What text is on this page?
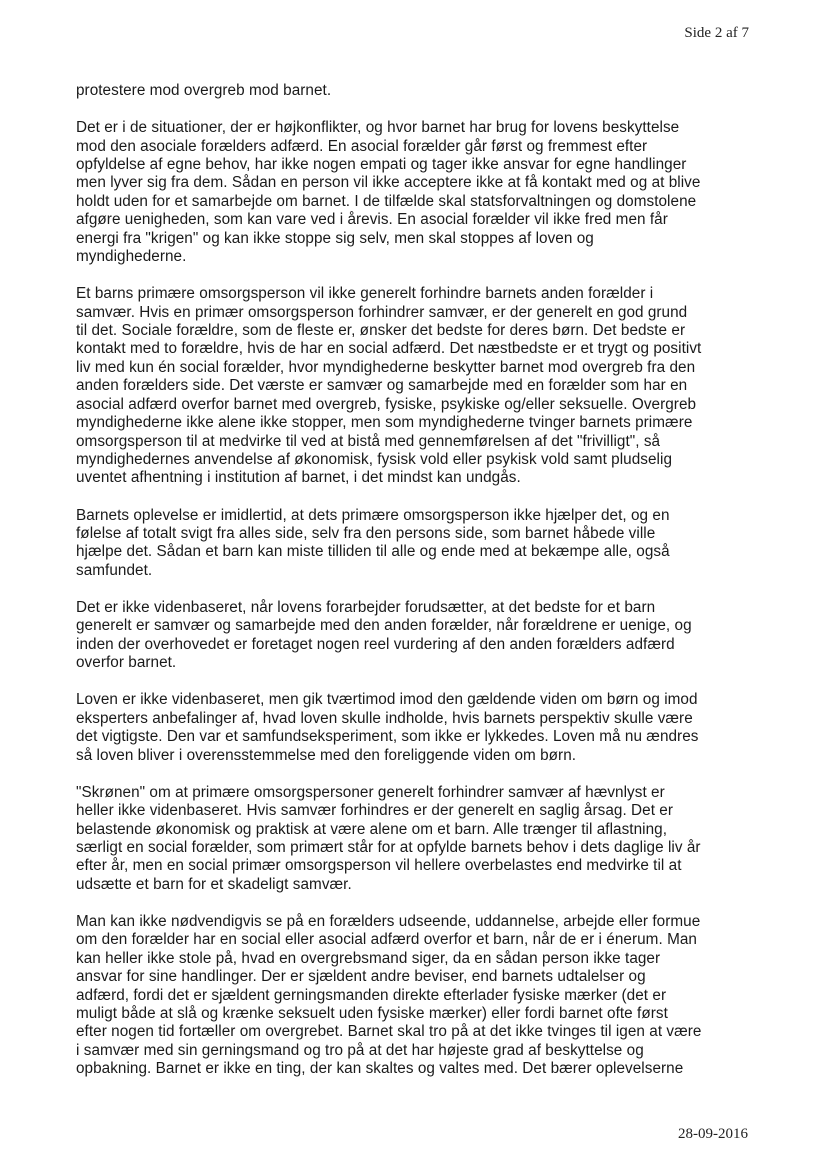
Side 2 af 7

protestere mod overgreb mod barnet.

Det er i de situationer, der er højkonflikter, og hvor barnet har brug for lovens beskyttelse
mod den asociale forælders adfærd. En asocial forælder går først og fremmest efter
opfyldelse af egne behov, har ikke nogen empati og tager ikke ansvar for egne handlinger
men lyver sig fra dem. Sådan en person vil ikke acceptere ikke at få kontakt med og at blive
holdt uden for et samarbejde om barnet. I de tilfælde skal statsforvaltningen og domstolene
afgøre uenigheden, som kan vare ved i årevis. En asocial forælder vil ikke fred men får
energi fra "krigen" og kan ikke stoppe sig selv, men skal stoppes af loven og
myndighederne.

Et barns primære omsorgsperson vil ikke generelt forhindre barnets anden forælder i
samvær. Hvis en primær omsorgsperson forhindrer samvær, er der generelt en god grund
til det. Sociale forældre, som de fleste er, ønsker det bedste for deres børn. Det bedste er
kontakt med to forældre, hvis de har en social adfærd. Det næstbedste er et trygt og positivt
liv med kun én social forælder, hvor myndighederne beskytter barnet mod overgreb fra den
anden forælders side. Det værste er samvær og samarbejde med en forælder som har en
asocial adfærd overfor barnet med overgreb, fysiske, psykiske og/eller seksuelle. Overgreb
myndighederne ikke alene ikke stopper, men som myndighederne tvinger barnets primære
omsorgsperson til at medvirke til ved at bistå med gennemførelsen af det "frivilligt", så
myndighedernes anvendelse af økonomisk, fysisk vold eller psykisk vold samt pludselig
uventet afhentning i institution af barnet, i det mindst kan undgås.

Barnets oplevelse er imidlertid, at dets primære omsorgsperson ikke hjælper det, og en
følelse af totalt svigt fra alles side, selv fra den persons side, som barnet håbede ville
hjælpe det. Sådan et barn kan miste tilliden til alle og ende med at bekæmpe alle, også
samfundet.

Det er ikke videnbaseret, når lovens forarbejder forudsætter, at det bedste for et barn
generelt er samvær og samarbejde med den anden forælder, når forældrene er uenige, og
inden der overhovedet er foretaget nogen reel vurdering af den anden forælders adfærd
overfor barnet.

Loven er ikke videnbaseret, men gik tværtimod imod den gældende viden om børn og imod
eksperters anbefalinger af, hvad loven skulle indholde, hvis barnets perspektiv skulle være
det vigtigste. Den var et samfundseksperiment, som ikke er lykkedes. Loven må nu ændres
så loven bliver i overensstemmelse med den foreliggende viden om børn.

"Skrønen" om at primære omsorgspersoner generelt forhindrer samvær af hævnlyst er
heller ikke videnbaseret. Hvis samvær forhindres er der generelt en saglig årsag. Det er
belastende økonomisk og praktisk at være alene om et barn. Alle trænger til aflastning,
særligt en social forælder, som primært står for at opfylde barnets behov i dets daglige liv år
efter år, men en social primær omsorgsperson vil hellere overbelastes end medvirke til at
udsætte et barn for et skadeligt samvær.

Man kan ikke nødvendigvis se på en forælders udseende, uddannelse, arbejde eller formue
om den forælder har en social eller asocial adfærd overfor et barn, når de er i énerum. Man
kan heller ikke stole på, hvad en overgrebsmand siger, da en sådan person ikke tager
ansvar for sine handlinger. Der er sjældent andre beviser, end barnets udtalelser og
adfærd, fordi det er sjældent gerningsmanden direkte efterlader fysiske mærker (det er
muligt både at slå og krænke seksuelt uden fysiske mærker) eller fordi barnet ofte først
efter nogen tid fortæller om overgrebet. Barnet skal tro på at det ikke tvinges til igen at være
i samvær med sin gerningsmand og tro på at det har højeste grad af beskyttelse og
opbakning. Barnet er ikke en ting, der kan skaltes og valtes med. Det bærer oplevelserne

28-09-2016
